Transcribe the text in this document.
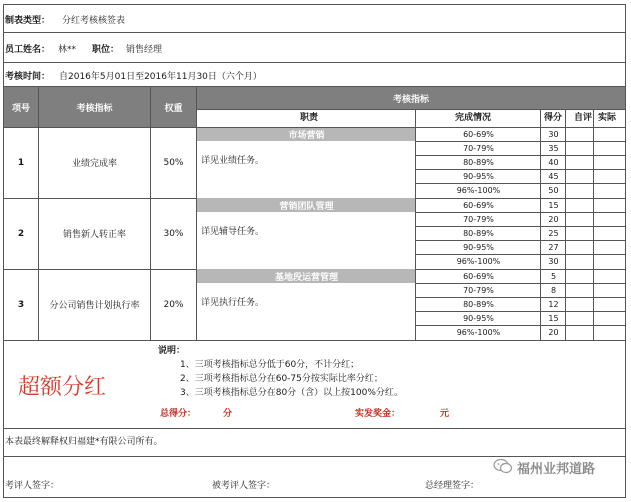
制表类型： 分红考核核签表
员工姓名： 林** 职位： 销售经理
考核时间： 自2016年5月01日至2016年11月30日（六个月）
项号	考核指标	权重
考核指标
职责	完成情况	得分 自评 实际
1	业绩完成率	50%
市场营销
详见业绩任务。
60-69%	30
70-79%	35
80-89%	40
90-95%	45
96%-100%	50
2	销售新人转正率	30%
营销团队管理
详见辅导任务。
60-69%	15
70-79%	20
80-89%	25
90-95%	27
96%-100%	30
3	分公司销售计划执行率	20%
基地段运营管理
详见执行任务。
60-69%	5
70-79%	8
80-89%	12
90-95%	15
96%-100%	20
超额分红
说明：
1、三项考核指标总分低于60分，不计分红；
2、三项考核指标总分在60-75分按实际比率分红；
3、三项考核指标总分在80分（含）以上按100%分红。
总得分：	分	实发奖金：	元
本表最终解释权归福建*有限公司所有。
考评人签字：	被考评人签字：	总经理签字：
福州业邦道路
